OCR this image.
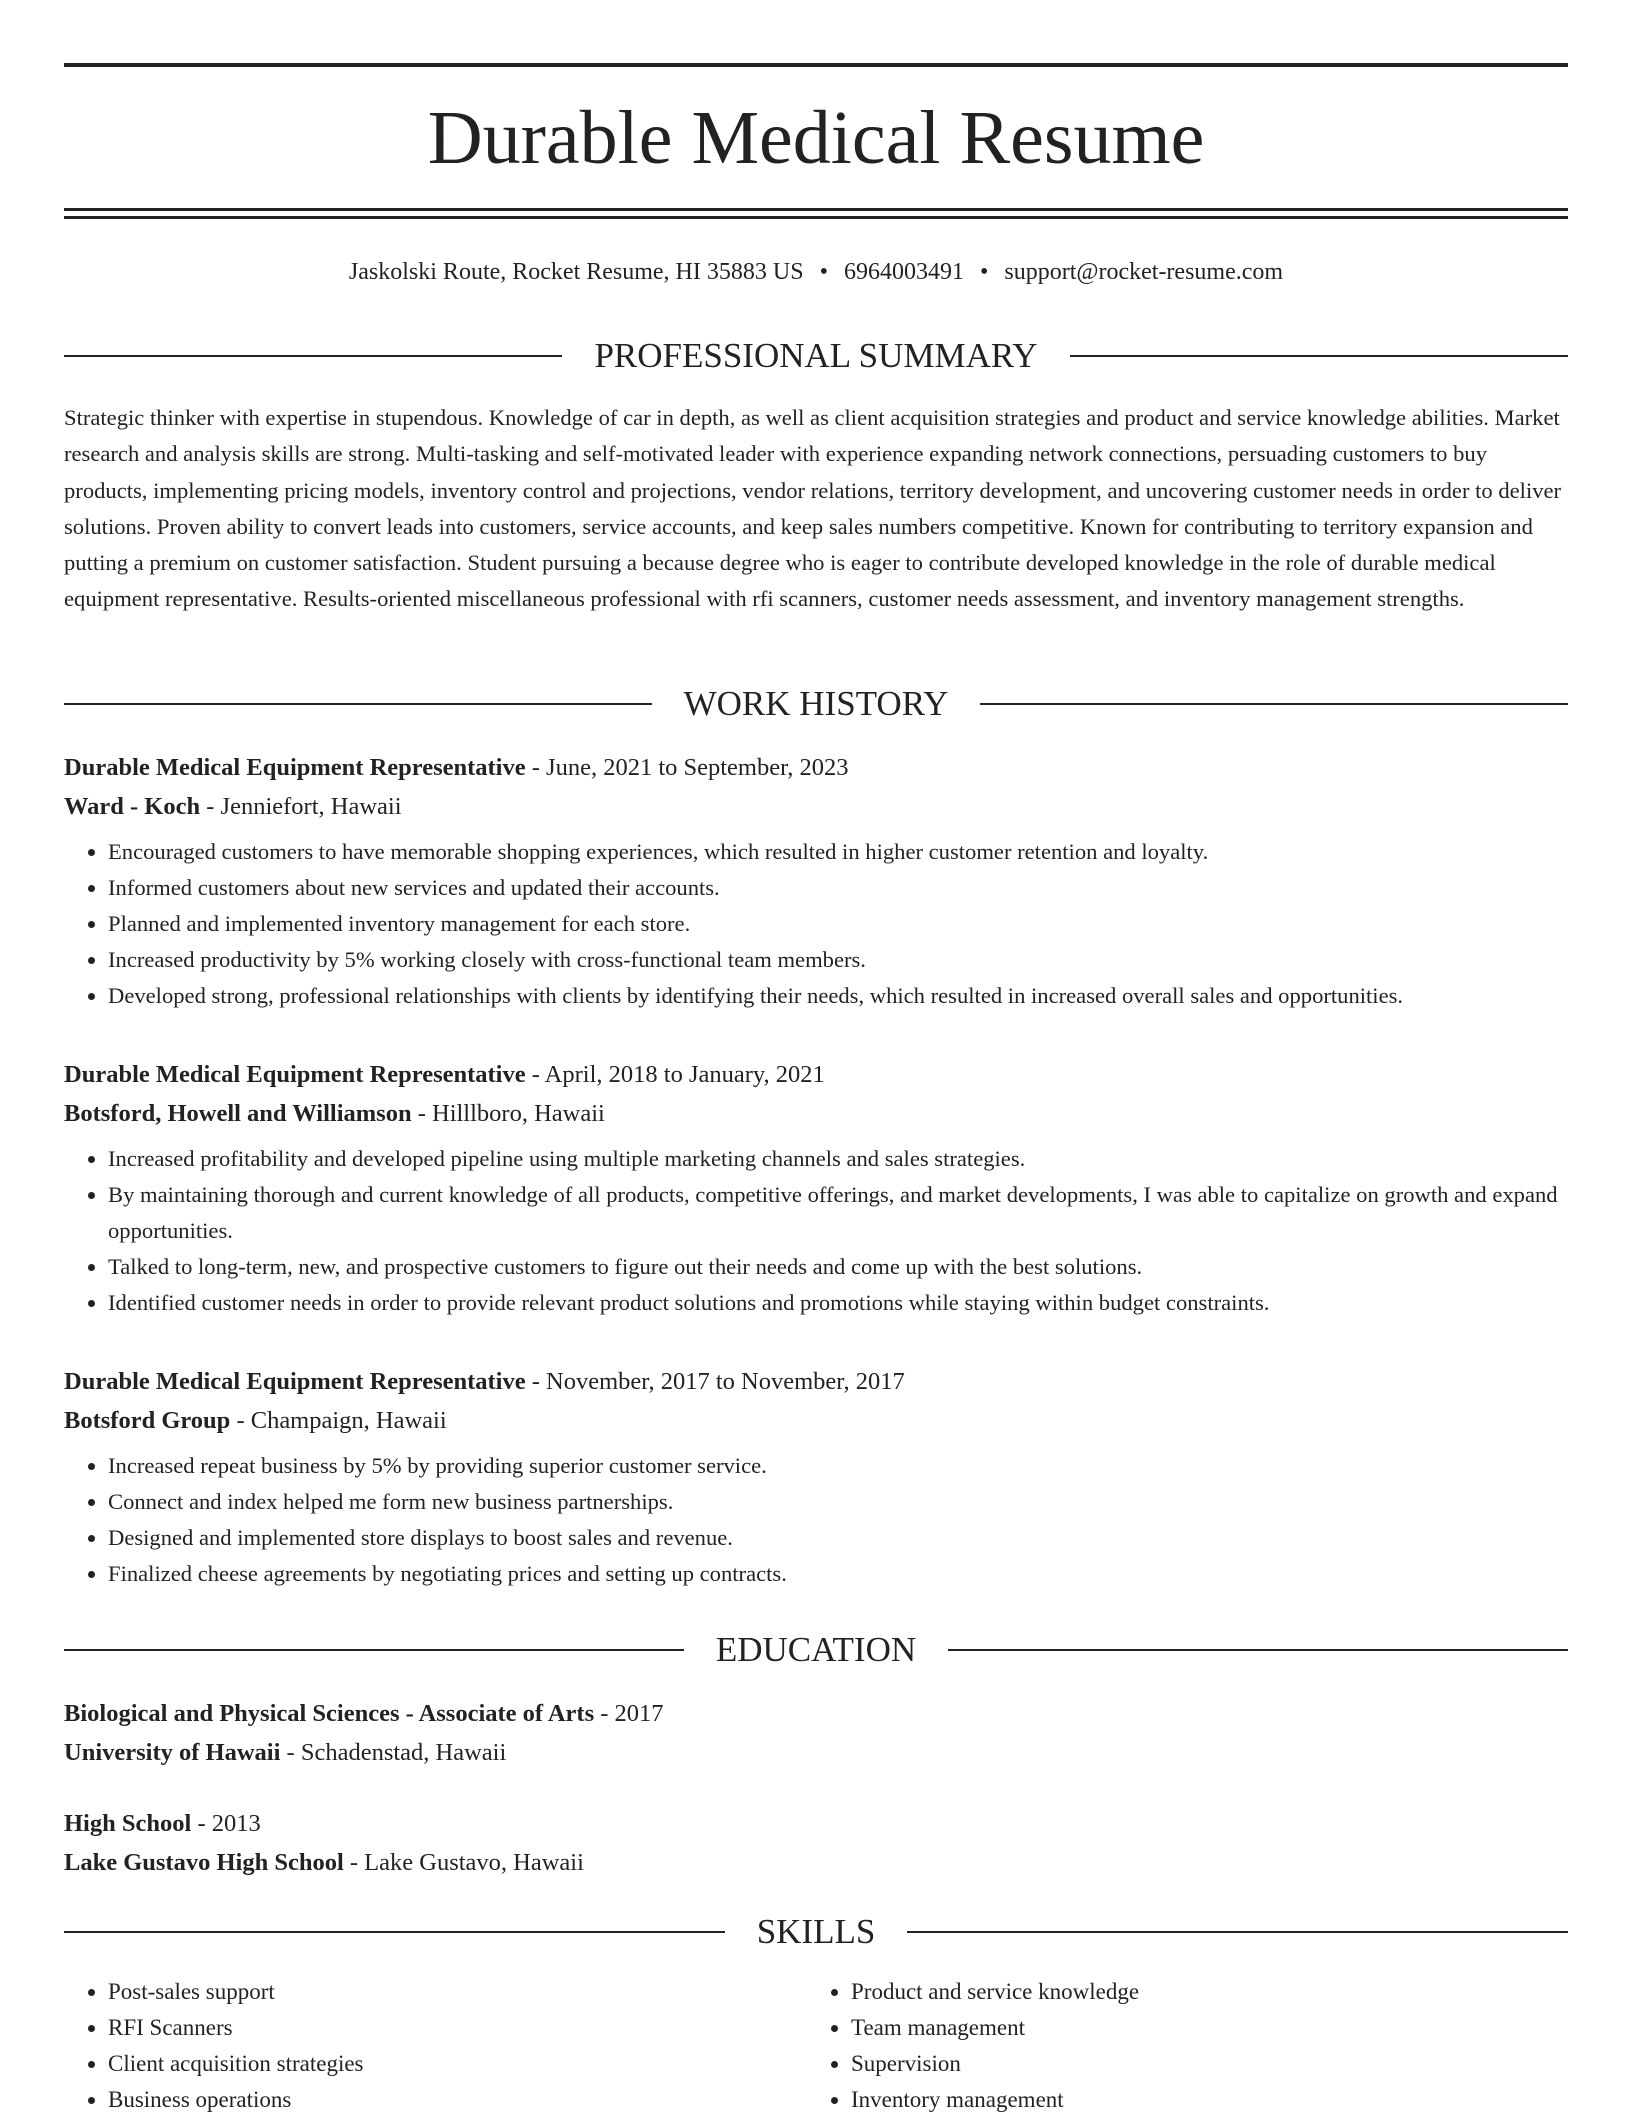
Durable Medical Resume
Jaskolski Route, Rocket Resume, HI 35883 US • 6964003491 • support@rocket-resume.com
PROFESSIONAL SUMMARY

Strategic thinker with expertise in stupendous. Knowledge of car in depth, as well as client acquisition strategies and product and service knowledge abilities. Market research and analysis skills are strong. Multi-tasking and self-motivated leader with experience expanding network connections, persuading customers to buy products, implementing pricing models, inventory control and projections, vendor relations, territory development, and uncovering customer needs in order to deliver solutions. Proven ability to convert leads into customers, service accounts, and keep sales numbers competitive. Known for contributing to territory expansion and putting a premium on customer satisfaction. Student pursuing a because degree who is eager to contribute developed knowledge in the role of durable medical equipment representative. Results-oriented miscellaneous professional with rfi scanners, customer needs assessment, and inventory management strengths.

WORK HISTORY
Durable Medical Equipment Representative - June, 2021 to September, 2023
Ward - Koch - Jenniefort, Hawaii
• Encouraged customers to have memorable shopping experiences, which resulted in higher customer retention and loyalty.
• Informed customers about new services and updated their accounts.
• Planned and implemented inventory management for each store.
• Increased productivity by 5% working closely with cross-functional team members.
• Developed strong, professional relationships with clients by identifying their needs, which resulted in increased overall sales and opportunities.
Durable Medical Equipment Representative - April, 2018 to January, 2021
Botsford, Howell and Williamson - Hilllboro, Hawaii
• Increased profitability and developed pipeline using multiple marketing channels and sales strategies.
• By maintaining thorough and current knowledge of all products, competitive offerings, and market developments, I was able to capitalize on growth and expand opportunities.
• Talked to long-term, new, and prospective customers to figure out their needs and come up with the best solutions.
• Identified customer needs in order to provide relevant product solutions and promotions while staying within budget constraints.
Durable Medical Equipment Representative - November, 2017 to November, 2017
Botsford Group - Champaign, Hawaii
• Increased repeat business by 5% by providing superior customer service.
• Connect and index helped me form new business partnerships.
• Designed and implemented store displays to boost sales and revenue.
• Finalized cheese agreements by negotiating prices and setting up contracts.
EDUCATION
Biological and Physical Sciences - Associate of Arts - 2017
University of Hawaii - Schadenstad, Hawaii
High School - 2013
Lake Gustavo High School - Lake Gustavo, Hawaii
SKILLS
• Post-sales support
• RFI Scanners
• Client acquisition strategies
• Business operations
• Product and service knowledge
• Team management
• Supervision
• Inventory management
